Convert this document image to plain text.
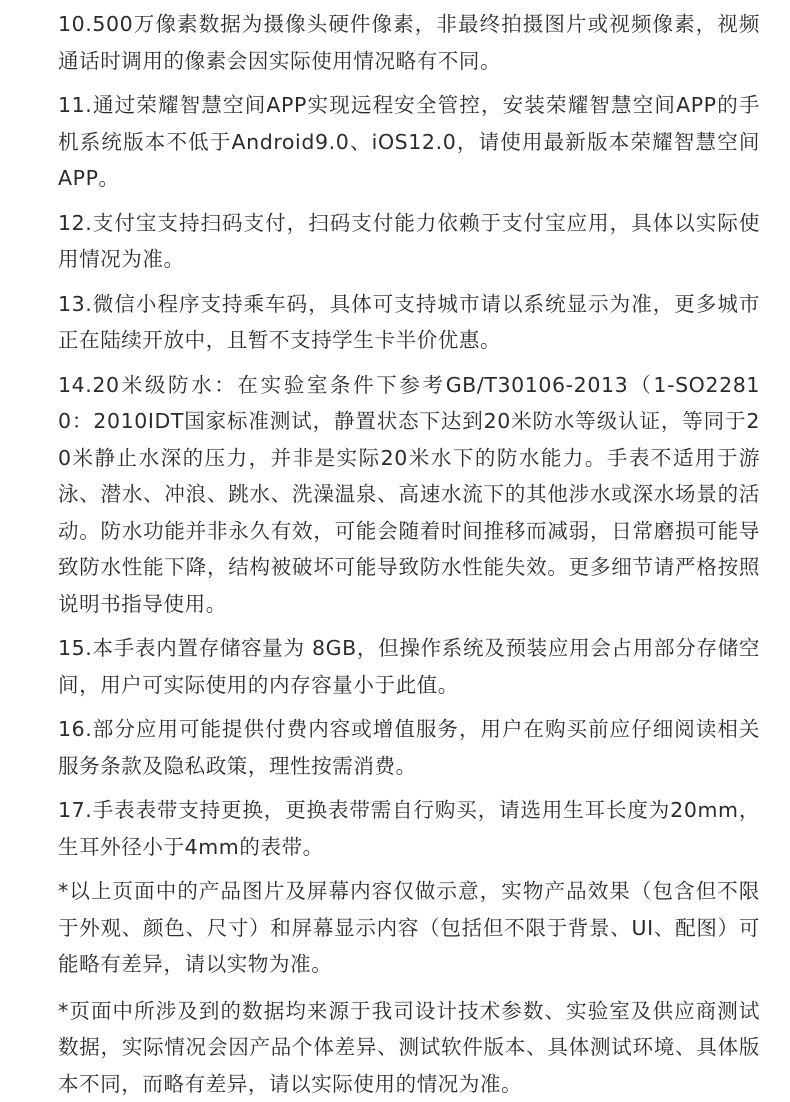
10.500万像素数据为摄像头硬件像素，非最终拍摄图片或视频像素，视频通话时调用的像素会因实际使用情况略有不同。

11.通过荣耀智慧空间APP实现远程安全管控，安装荣耀智慧空间APP的手机系统版本不低于Android9.0、iOS12.0，请使用最新版本荣耀智慧空间APP。

12.支付宝支持扫码支付，扫码支付能力依赖于支付宝应用，具体以实际使用情况为准。

13.微信小程序支持乘车码，具体可支持城市请以系统显示为准，更多城市正在陆续开放中，且暂不支持学生卡半价优惠。

14.20米级防水：在实验室条件下参考GB/T30106-2013（1-SO22810：2010IDT国家标准测试，静置状态下达到20米防水等级认证，等同于20米静止水深的压力，并非是实际20米水下的防水能力。手表不适用于游泳、潜水、冲浪、跳水、洗澡温泉、高速水流下的其他涉水或深水场景的活动。防水功能并非永久有效，可能会随着时间推移而减弱，日常磨损可能导致防水性能下降，结构被破坏可能导致防水性能失效。更多细节请严格按照说明书指导使用。

15.本手表内置存储容量为 8GB，但操作系统及预装应用会占用部分存储空间，用户可实际使用的内存容量小于此值。

16.部分应用可能提供付费内容或增值服务，用户在购买前应仔细阅读相关服务条款及隐私政策，理性按需消费。

17.手表表带支持更换，更换表带需自行购买，请选用生耳长度为20mm，生耳外径小于4mm的表带。

*以上页面中的产品图片及屏幕内容仅做示意，实物产品效果（包含但不限于外观、颜色、尺寸）和屏幕显示内容（包括但不限于背景、UI、配图）可能略有差异，请以实物为准。

*页面中所涉及到的数据均来源于我司设计技术参数、实验室及供应商测试数据，实际情况会因产品个体差异、测试软件版本、具体测试环境、具体版本不同，而略有差异，请以实际使用的情况为准。
